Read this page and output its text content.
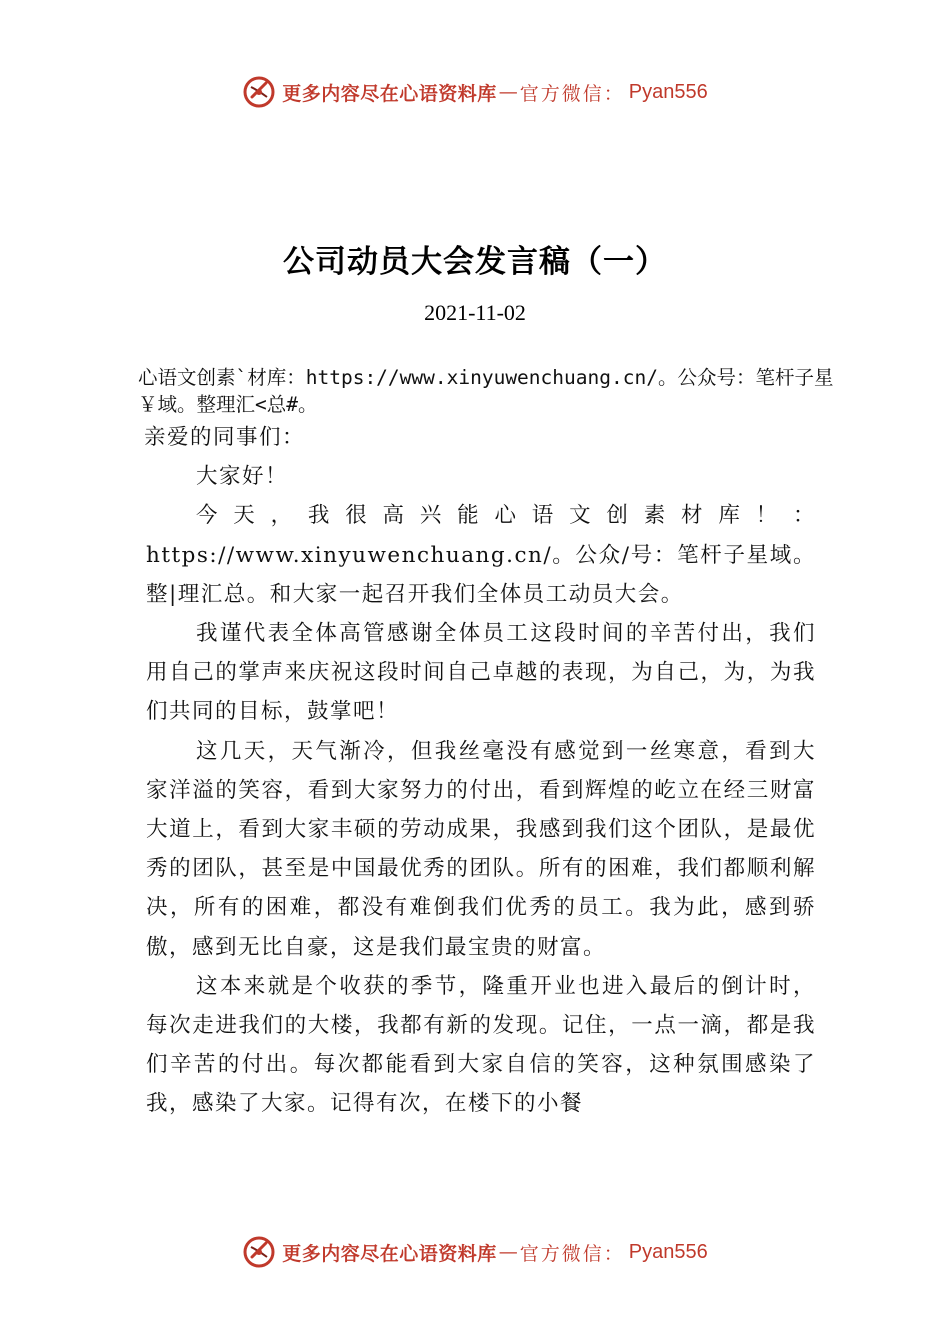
更多内容尽在心语资料库 — 官方微信： Pyan556
公司动员大会发言稿（一）
2021-11-02
心语文创素`材库：https://www.xinyuwenchuang.cn/。公众号：笔杆子星￥域。整理汇<总#。

亲爱的同事们：

大家好！

今天，我很高兴能心语文创素材库！：https://www.xinyuwenchuang.cn/。公众/号：笔杆子星域。整|理汇总。和大家一起召开我们全体员工动员大会。

我谨代表全体高管感谢全体员工这段时间的辛苦付出，我们用自己的掌声来庆祝这段时间自己卓越的表现，为自己，为，为我们共同的目标，鼓掌吧！

这几天，天气渐冷，但我丝毫没有感觉到一丝寒意，看到大家洋溢的笑容，看到大家努力的付出，看到辉煌的屹立在经三财富大道上，看到大家丰硕的劳动成果，我感到我们这个团队，是最优秀的团队，甚至是中国最优秀的团队。所有的困难，我们都顺利解决，所有的困难，都没有难倒我们优秀的员工。我为此，感到骄傲，感到无比自豪，这是我们最宝贵的财富。

这本来就是个收获的季节，隆重开业也进入最后的倒计时，每次走进我们的大楼，我都有新的发现。记住，一点一滴，都是我们辛苦的付出。每次都能看到大家自信的笑容，这种氛围感染了我，感染了大家。记得有次，在楼下的小餐

更多内容尽在心语资料库 — 官方微信： Pyan556
